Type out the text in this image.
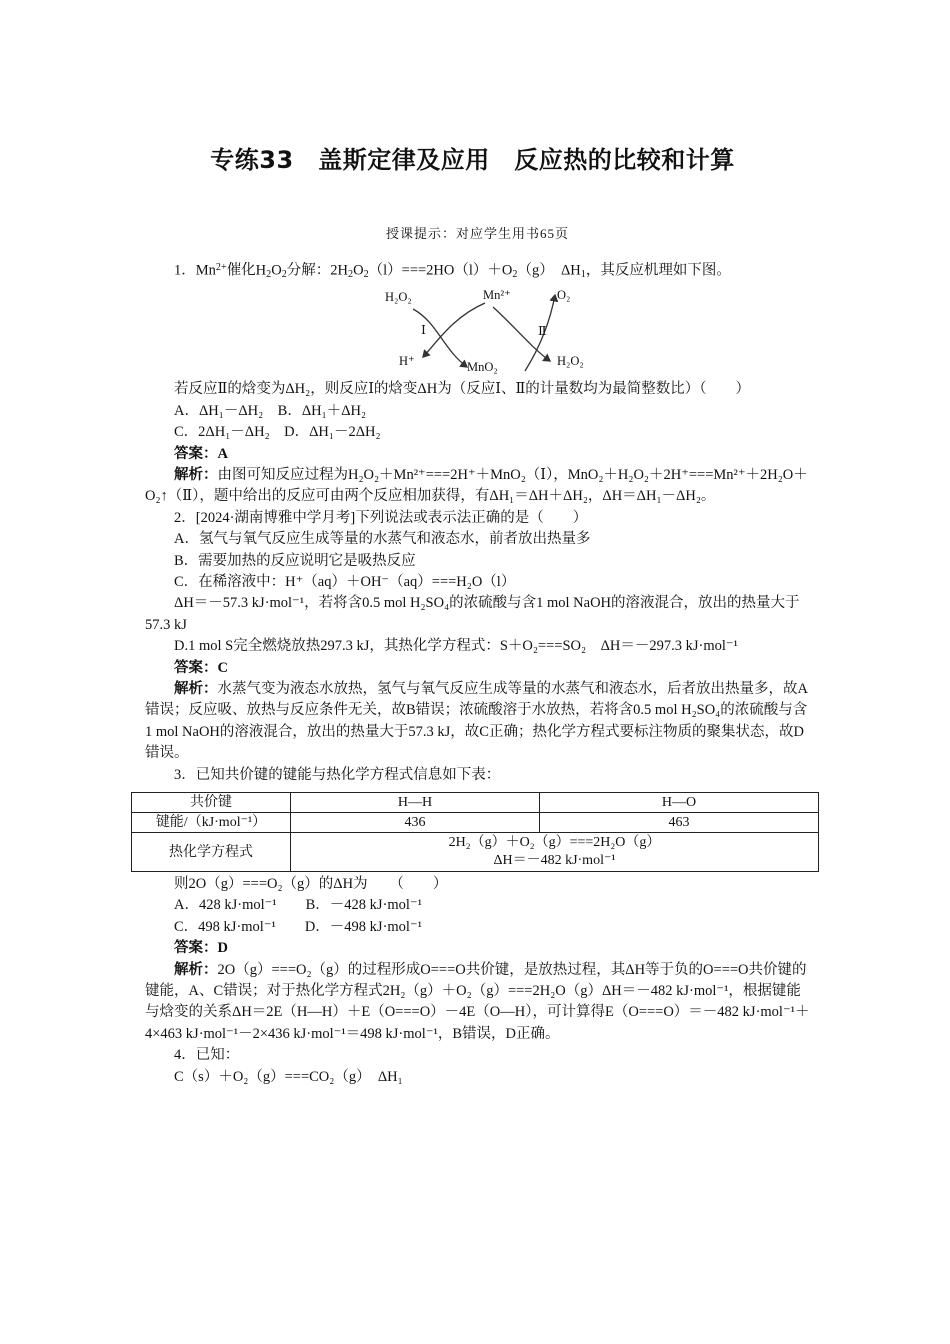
专练33　盖斯定律及应用　反应热的比较和计算
授课提示：对应学生用书65页

1．$Mn^{2+}$催化$H_2O_2$分解：$2H_2O_2(l)===2HO(l)+O_2(g)$　$\Delta H_1$，其反应机理如下图。

H₂O₂	Mn²⁺	O₂
Ⅰ	Ⅱ
H⁺	MnO₂	H₂O₂

若反应Ⅱ的焓变为ΔH₂，则反应Ⅰ的焓变ΔH为（反应Ⅰ、Ⅱ的计量数均为最简整数比）（　　）

A．ΔH₁－ΔH₂　B．ΔH₁＋ΔH₂

C．2ΔH₁－ΔH₂　D．ΔH₁－2ΔH₂

答案：A

解析：由图可知反应过程为H₂O₂＋Mn²⁺===2H⁺＋MnO₂（Ⅰ），MnO₂＋H₂O₂＋2H⁺===Mn²⁺＋2H₂O＋O₂↑（Ⅱ），题中给出的反应可由两个反应相加获得，有ΔH₁＝ΔH＋ΔH₂，ΔH＝ΔH₁－ΔH₂。

2．[2024·湖南博雅中学月考]下列说法或表示法正确的是（　　）

A．氢气与氧气反应生成等量的水蒸气和液态水，前者放出热量多

B．需要加热的反应说明它是吸热反应

C．在稀溶液中：H⁺（aq）＋OH⁻（aq）===H₂O（l）

ΔH＝－57.3 kJ·mol⁻¹，若将含0.5 mol H₂SO₄的浓硫酸与含1 mol NaOH的溶液混合，放出的热量大于57.3 kJ

D.1 mol S完全燃烧放热297.3 kJ，其热化学方程式：S＋O₂===SO₂　ΔH＝－297.3 kJ·mol⁻¹

答案：C

解析：水蒸气变为液态水放热，氢气与氧气反应生成等量的水蒸气和液态水，后者放出热量多，故A错误；反应吸、放热与反应条件无关，故B错误；浓硫酸溶于水放热，若将含0.5 mol H₂SO₄的浓硫酸与含1 mol NaOH的溶液混合，放出的热量大于57.3 kJ，故C正确；热化学方程式要标注物质的聚集状态，故D错误。

3．已知共价键的键能与热化学方程式信息如下表：

共价键	H—H	H—O
键能/（kJ·mol⁻¹）	436	463
热化学方程式	2H₂（g）＋O₂（g）===2H₂O（g）
ΔH＝－482 kJ·mol⁻¹	

则2O（g）===O₂（g）的ΔH为　　（　　）

A．428 kJ·mol⁻¹　　B．－428 kJ·mol⁻¹

C．498 kJ·mol⁻¹　　D．－498 kJ·mol⁻¹

答案：D

解析：2O（g）===O₂（g）的过程形成O===O共价键，是放热过程，其ΔH等于负的O===O共价键的键能，A、C错误；对于热化学方程式2H₂（g）＋O₂（g）===2H₂O（g）ΔH＝－482 kJ·mol⁻¹，根据键能与焓变的关系ΔH＝2E（H—H）＋E（O===O）－4E（O—H），可计算得E（O===O）＝－482 kJ·mol⁻¹＋4×463 kJ·mol⁻¹－2×436 kJ·mol⁻¹＝498 kJ·mol⁻¹，B错误，D正确。

4．已知：

C（s）＋O₂（g）===CO₂（g）　ΔH₁
